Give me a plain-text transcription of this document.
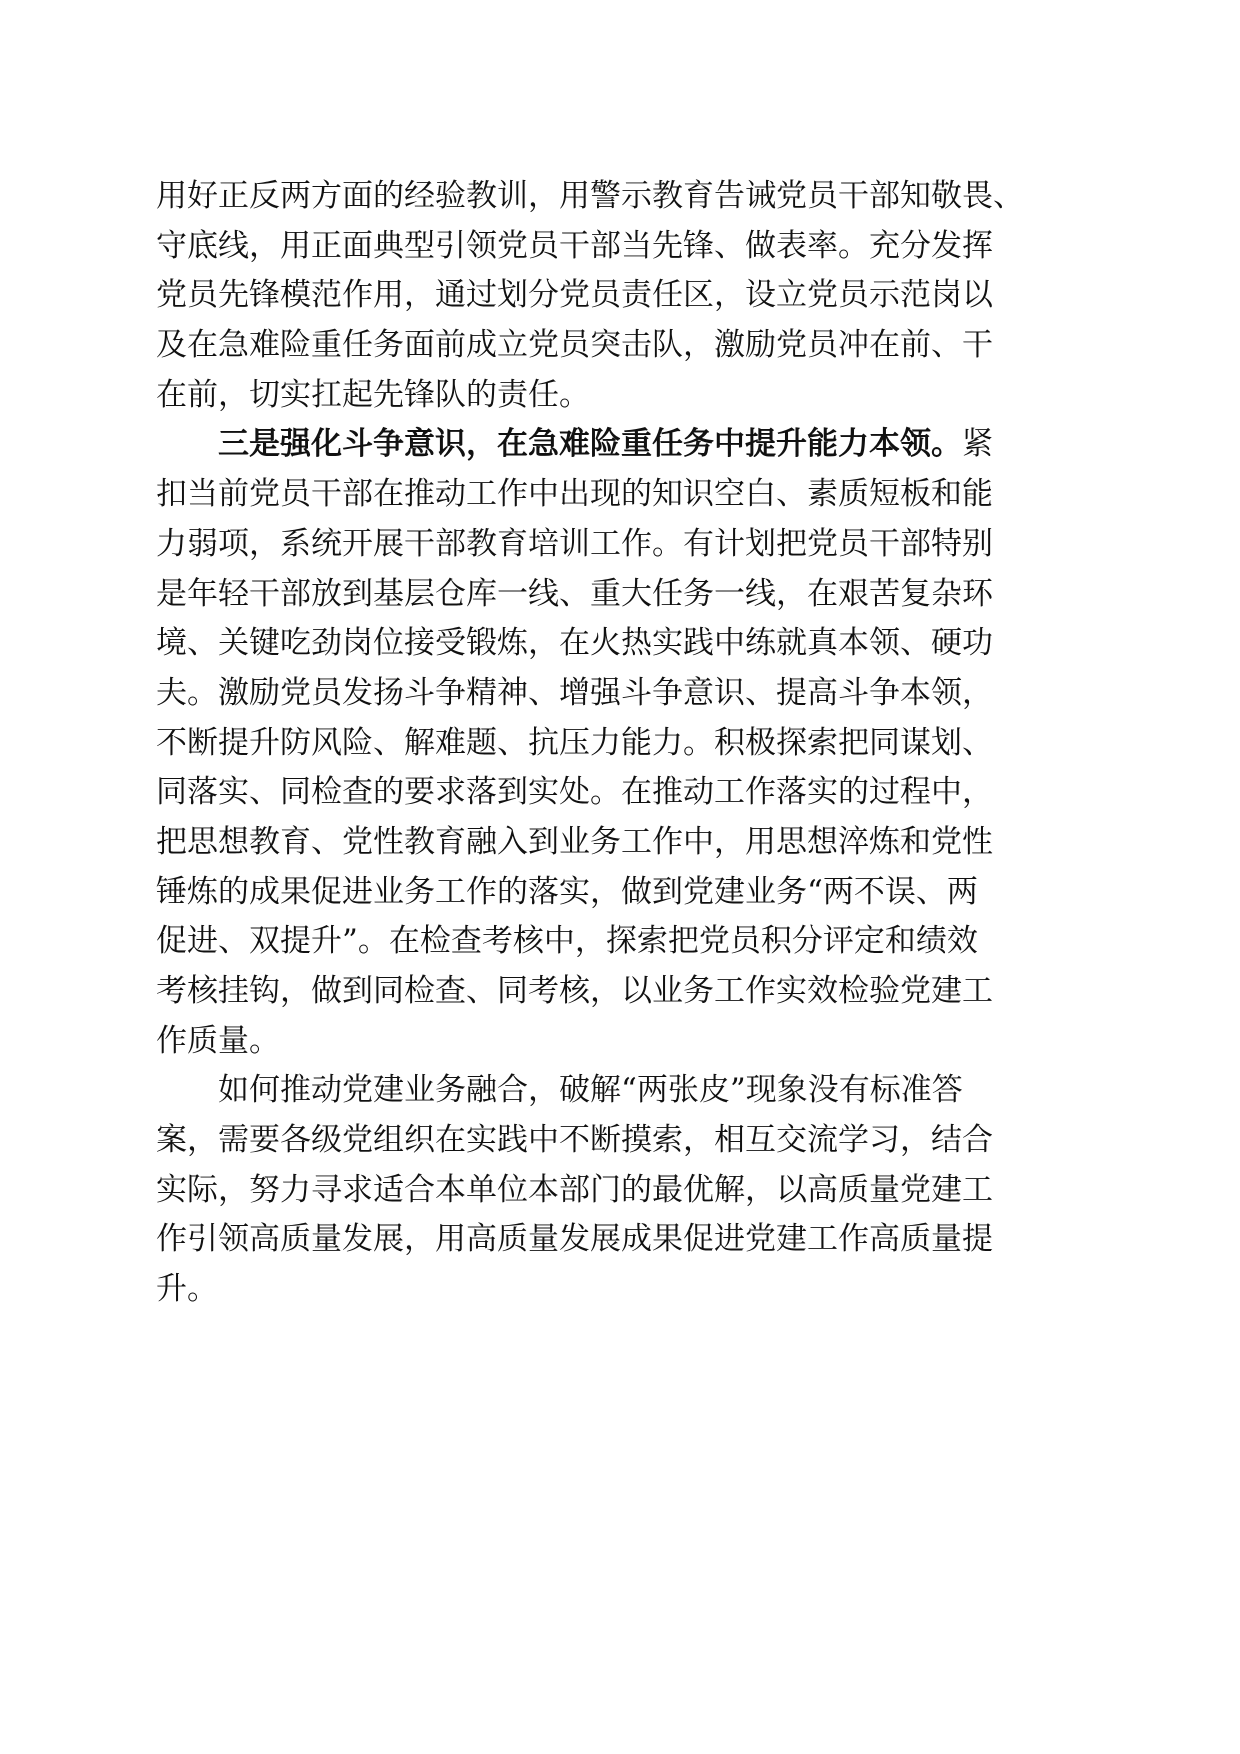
用好正反两方面的经验教训，用警示教育告诫党员干部知敬畏、
守底线，用正面典型引领党员干部当先锋、做表率。充分发挥
党员先锋模范作用，通过划分党员责任区，设立党员示范岗以
及在急难险重任务面前成立党员突击队，激励党员冲在前、干
在前，切实扛起先锋队的责任。
三是强化斗争意识，在急难险重任务中提升能力本领。紧
扣当前党员干部在推动工作中出现的知识空白、素质短板和能
力弱项，系统开展干部教育培训工作。有计划把党员干部特别
是年轻干部放到基层仓库一线、重大任务一线，在艰苦复杂环
境、关键吃劲岗位接受锻炼，在火热实践中练就真本领、硬功
夫。激励党员发扬斗争精神、增强斗争意识、提高斗争本领，
不断提升防风险、解难题、抗压力能力。积极探索把同谋划、
同落实、同检查的要求落到实处。在推动工作落实的过程中，
把思想教育、党性教育融入到业务工作中，用思想淬炼和党性
锤炼的成果促进业务工作的落实，做到党建业务“两不误、两
促进、双提升”。在检查考核中，探索把党员积分评定和绩效
考核挂钩，做到同检查、同考核，以业务工作实效检验党建工
作质量。
如何推动党建业务融合，破解“两张皮”现象没有标准答
案，需要各级党组织在实践中不断摸索，相互交流学习，结合
实际，努力寻求适合本单位本部门的最优解，以高质量党建工
作引领高质量发展，用高质量发展成果促进党建工作高质量提
升。
